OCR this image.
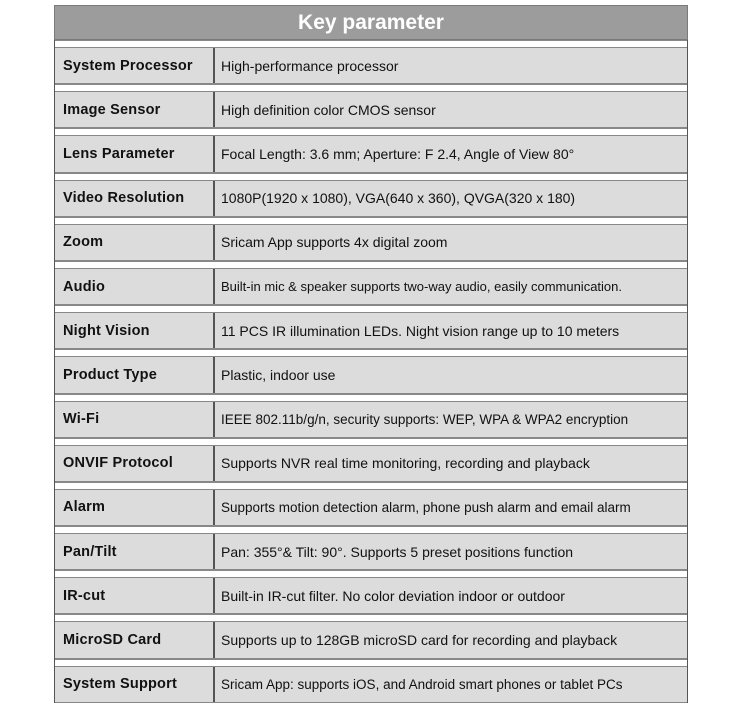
Key parameter
System Processor	High-performance processor
Image Sensor	High definition color CMOS sensor
Lens Parameter	Focal Length: 3.6 mm; Aperture: F 2.4, Angle of View 80°
Video Resolution	1080P(1920 x 1080), VGA(640 x 360), QVGA(320 x 180)
Zoom	Sricam App supports 4x digital zoom
Audio	Built-in mic & speaker supports two-way audio, easily communication.
Night Vision	11 PCS IR illumination LEDs. Night vision range up to 10 meters
Product Type	Plastic, indoor use
Wi-Fi	IEEE 802.11b/g/n, security supports: WEP, WPA & WPA2 encryption
ONVIF Protocol	Supports NVR real time monitoring, recording and playback
Alarm	Supports motion detection alarm, phone push alarm and email alarm
Pan/Tilt	Pan: 355°& Tilt: 90°. Supports 5 preset positions function
IR-cut	Built-in IR-cut filter. No color deviation indoor or outdoor
MicroSD Card	Supports up to 128GB microSD card for recording and playback
System Support	Sricam App: supports iOS, and Android smart phones or tablet PCs
